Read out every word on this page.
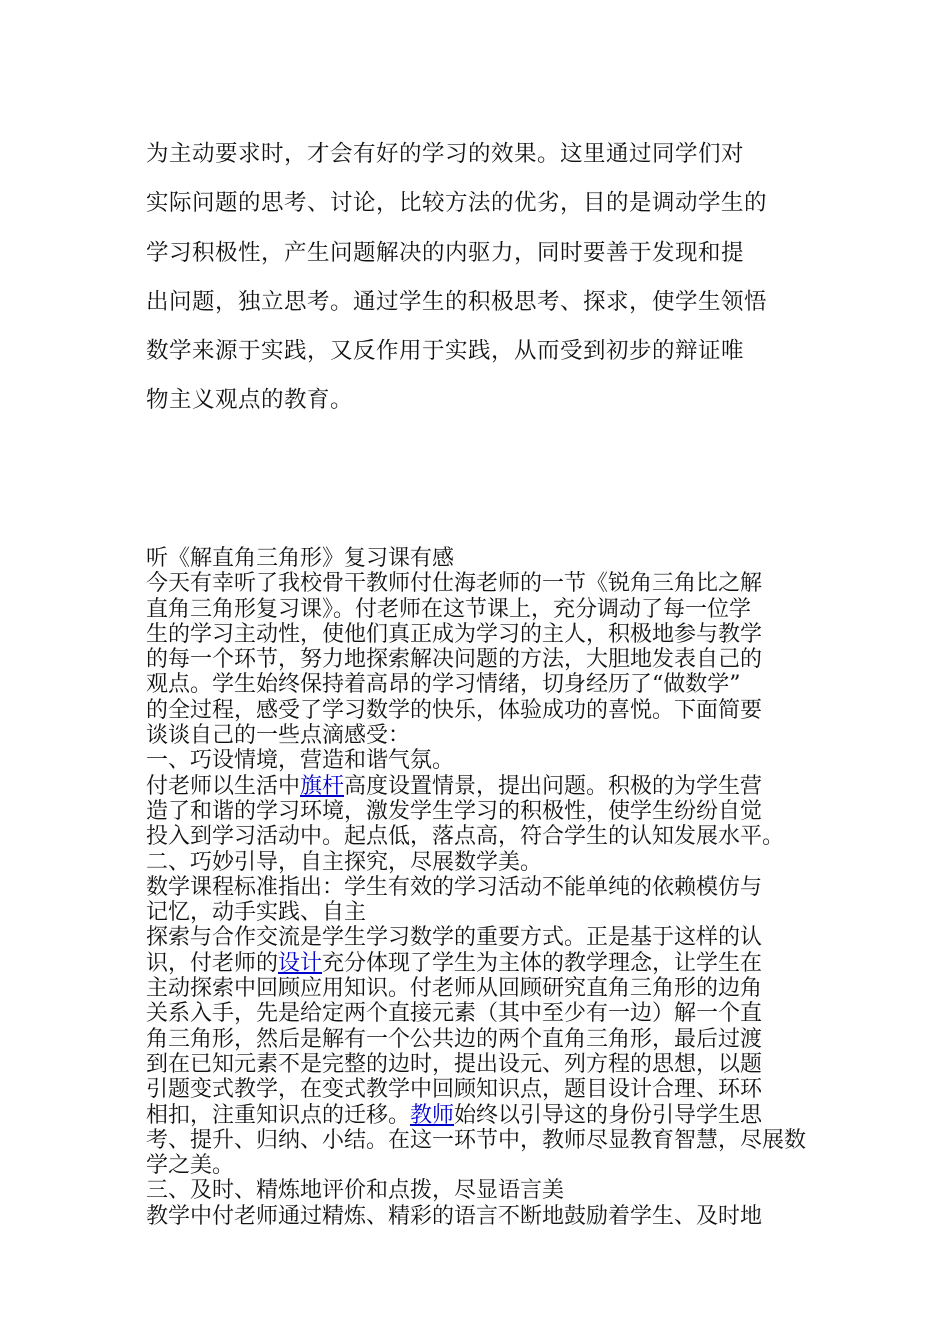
为主动要求时，才会有好的学习的效果。这里通过同学们对
实际问题的思考、讨论，比较方法的优劣，目的是调动学生的
学习积极性，产生问题解决的内驱力，同时要善于发现和提
出问题，独立思考。通过学生的积极思考、探求，使学生领悟
数学来源于实践，又反作用于实践，从而受到初步的辩证唯
物主义观点的教育。
听《解直角三角形》复习课有感
今天有幸听了我校骨干教师付仕海老师的一节《锐角三角比之解
直角三角形复习课》。付老师在这节课上，充分调动了每一位学
生的学习主动性，使他们真正成为学习的主人，积极地参与教学
的每一个环节，努力地探索解决问题的方法，大胆地发表自己的
观点。学生始终保持着高昂的学习情绪，切身经历了“做数学”
的全过程，感受了学习数学的快乐，体验成功的喜悦。下面简要
谈谈自己的一些点滴感受：
一、巧设情境，营造和谐气氛。
付老师以生活中旗杆高度设置情景，提出问题。积极的为学生营
造了和谐的学习环境，激发学生学习的积极性，使学生纷纷自觉
投入到学习活动中。起点低，落点高，符合学生的认知发展水平。
二、巧妙引导，自主探究，尽展数学美。
数学课程标准指出：学生有效的学习活动不能单纯的依赖模仿与
记忆，动手实践、自主
探索与合作交流是学生学习数学的重要方式。正是基于这样的认
识，付老师的设计充分体现了学生为主体的教学理念，让学生在
主动探索中回顾应用知识。付老师从回顾研究直角三角形的边角
关系入手，先是给定两个直接元素（其中至少有一边）解一个直
角三角形，然后是解有一个公共边的两个直角三角形，最后过渡
到在已知元素不是完整的边时，提出设元、列方程的思想，以题
引题变式教学，在变式教学中回顾知识点，题目设计合理、环环
相扣，注重知识点的迁移。教师始终以引导这的身份引导学生思
考、提升、归纳、小结。在这一环节中，教师尽显教育智慧，尽展数
学之美。
三、及时、精炼地评价和点拨，尽显语言美
教学中付老师通过精炼、精彩的语言不断地鼓励着学生、及时地
